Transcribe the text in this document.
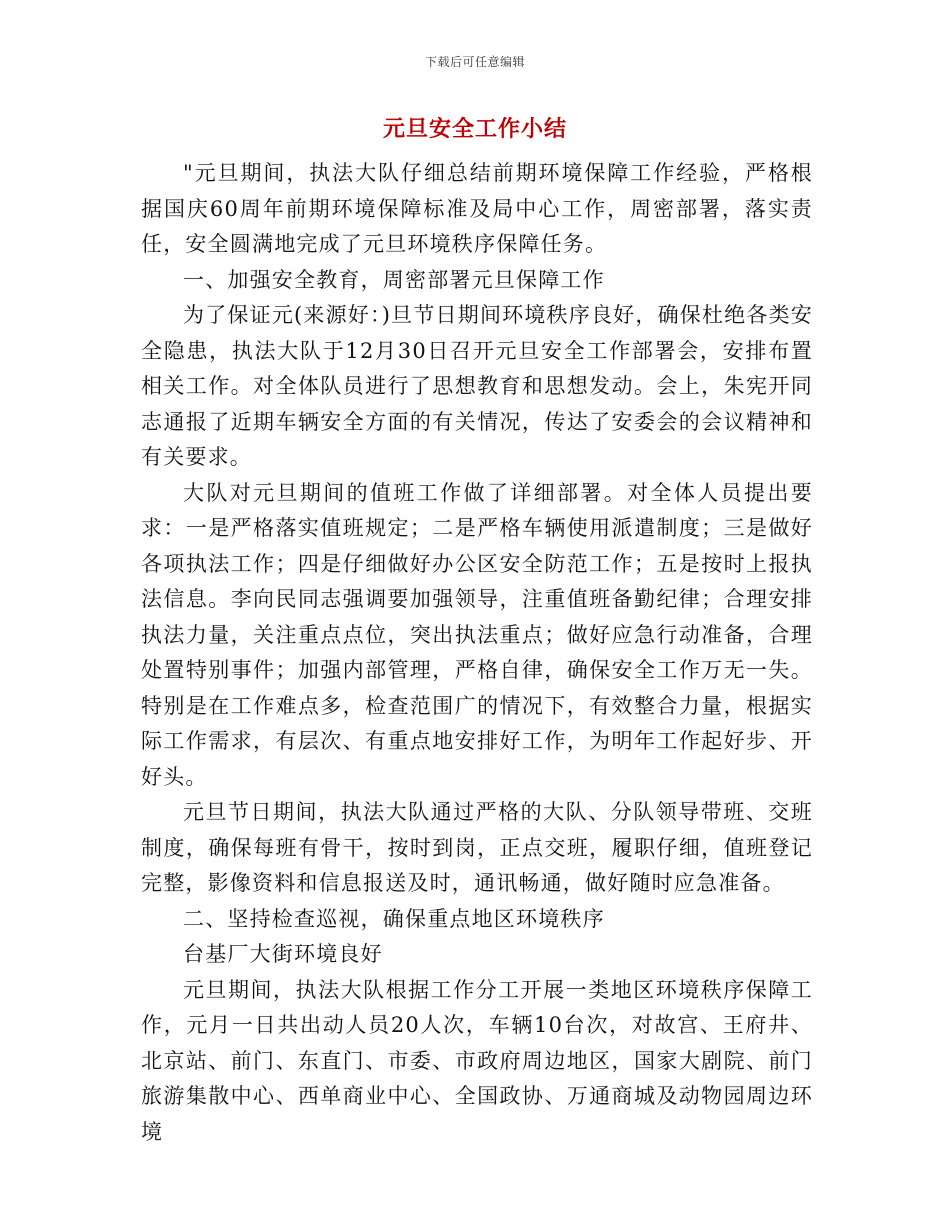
下载后可任意编辑
元旦安全工作小结

"元旦期间，执法大队仔细总结前期环境保障工作经验，严格根据国庆60周年前期环境保障标准及局中心工作，周密部署，落实责任，安全圆满地完成了元旦环境秩序保障任务。

一、加强安全教育，周密部署元旦保障工作

为了保证元(来源好：)旦节日期间环境秩序良好，确保杜绝各类安全隐患，执法大队于12月30日召开元旦安全工作部署会，安排布置相关工作。对全体队员进行了思想教育和思想发动。会上，朱宪开同志通报了近期车辆安全方面的有关情况，传达了安委会的会议精神和有关要求。

大队对元旦期间的值班工作做了详细部署。对全体人员提出要求：一是严格落实值班规定；二是严格车辆使用派遣制度；三是做好各项执法工作；四是仔细做好办公区安全防范工作；五是按时上报执法信息。李向民同志强调要加强领导，注重值班备勤纪律；合理安排执法力量，关注重点点位，突出执法重点；做好应急行动准备，合理处置特别事件；加强内部管理，严格自律，确保安全工作万无一失。特别是在工作难点多，检查范围广的情况下，有效整合力量，根据实际工作需求，有层次、有重点地安排好工作，为明年工作起好步、开好头。

元旦节日期间，执法大队通过严格的大队、分队领导带班、交班制度，确保每班有骨干，按时到岗，正点交班，履职仔细，值班登记完整，影像资料和信息报送及时，通讯畅通，做好随时应急准备。

二、坚持检查巡视，确保重点地区环境秩序

台基厂大街环境良好

元旦期间，执法大队根据工作分工开展一类地区环境秩序保障工作，元月一日共出动人员20人次，车辆10台次，对故宫、王府井、北京站、前门、东直门、市委、市政府周边地区，国家大剧院、前门旅游集散中心、西单商业中心、全国政协、万通商城及动物园周边环境
